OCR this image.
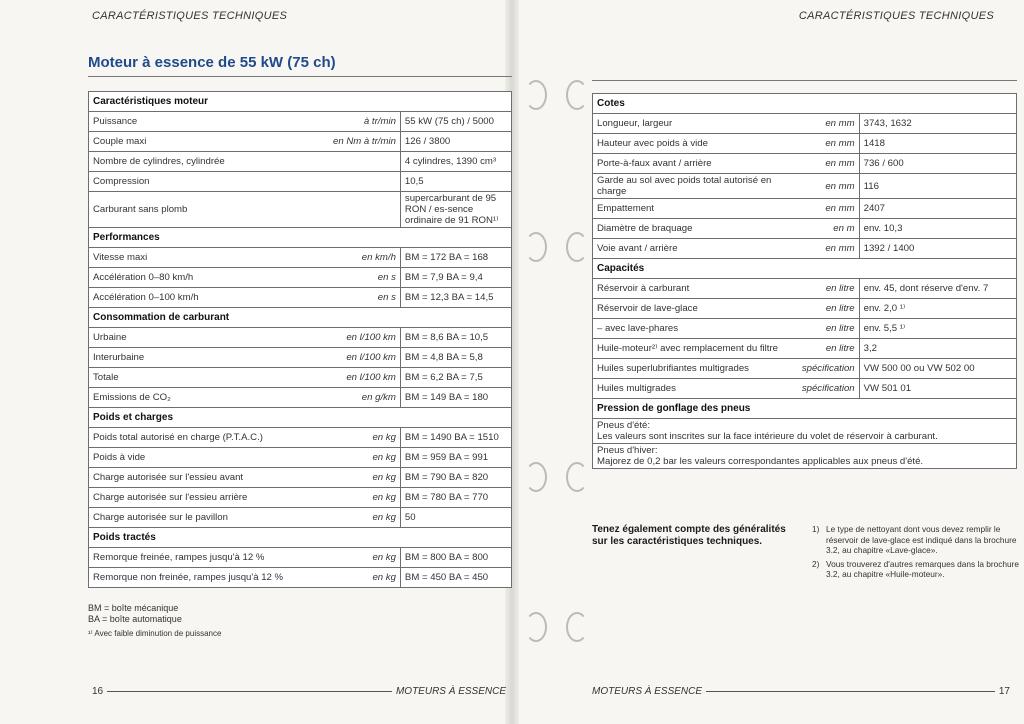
CARACTÉRISTIQUES TECHNIQUES
Moteur à essence de 55 kW (75 ch)
Caractéristiques moteur		
Puissance	à tr/min	55 kW (75 ch) / 5000
Couple maxi	en Nm à tr/min	126 / 3800
Nombre de cylindres, cylindrée		4 cylindres, 1390 cm³
Compression		10,5
Carburant sans plomb		supercarburant de 95 RON / es-sence ordinaire de 91 RON¹⁾
Performances		
Vitesse maxi	en km/h	BM = 172 BA = 168
Accélération 0–80 km/h	en s	BM = 7,9 BA = 9,4
Accélération 0–100 km/h	en s	BM = 12,3 BA = 14,5
Consommation de carburant		
Urbaine	en l/100 km	BM = 8,6 BA = 10,5
Interurbaine	en l/100 km	BM = 4,8 BA = 5,8
Totale	en l/100 km	BM = 6,2 BA = 7,5
Emissions de CO₂	en g/km	BM = 149 BA = 180
Poids et charges		
Poids total autorisé en charge (P.T.A.C.)	en kg	BM = 1490 BA = 1510
Poids à vide	en kg	BM = 959 BA = 991
Charge autorisée sur l'essieu avant	en kg	BM = 790 BA = 820
Charge autorisée sur l'essieu arrière	en kg	BM = 780 BA = 770
Charge autorisée sur le pavillon	en kg	50
Poids tractés		
Remorque freinée, rampes jusqu'à 12 %	en kg	BM = 800 BA = 800
Remorque non freinée, rampes jusqu'à 12 %	en kg	BM = 450 BA = 450
BM = boîte mécanique
BA = boîte automatique
¹⁾ Avec faible diminution de puissance
16	MOTEURS À ESSENCE
CARACTÉRISTIQUES TECHNIQUES
Cotes		
Longueur, largeur	en mm	3743, 1632
Hauteur avec poids à vide	en mm	1418
Porte-à-faux avant / arrière	en mm	736 / 600
Garde au sol avec poids total autorisé en charge	en mm	116
Empattement	en mm	2407
Diamètre de braquage	en m	env. 10,3
Voie avant / arrière	en mm	1392 / 1400
Capacités		
Réservoir à carburant	en litre	env. 45, dont réserve d'env. 7
Réservoir de lave-glace	en litre	env. 2,0 ¹⁾
– avec lave-phares	en litre	env. 5,5 ¹⁾
Huile-moteur²⁾ avec remplacement du filtre	en litre	3,2
Huiles superlubrifiantes multigrades	spécification	VW 500 00 ou VW 502 00
Huiles multigrades	spécification	VW 501 01
Pression de gonflage des pneus		

Pneus d'été:
Les valeurs sont inscrites sur la face intérieure du volet de réservoir à carburant.		

Pneus d'hiver:
Majorez de 0,2 bar les valeurs correspondantes applicables aux pneus d'été.		
Tenez également compte des généralités sur les caractéristiques techniques.
1) Le type de nettoyant dont vous devez remplir le réservoir de lave-glace est indiqué dans la brochure 3.2, au chapitre «Lave-glace».
2) Vous trouverez d'autres remarques dans la brochure 3.2, au chapitre «Huile-moteur».
MOTEURS À ESSENCE	17
